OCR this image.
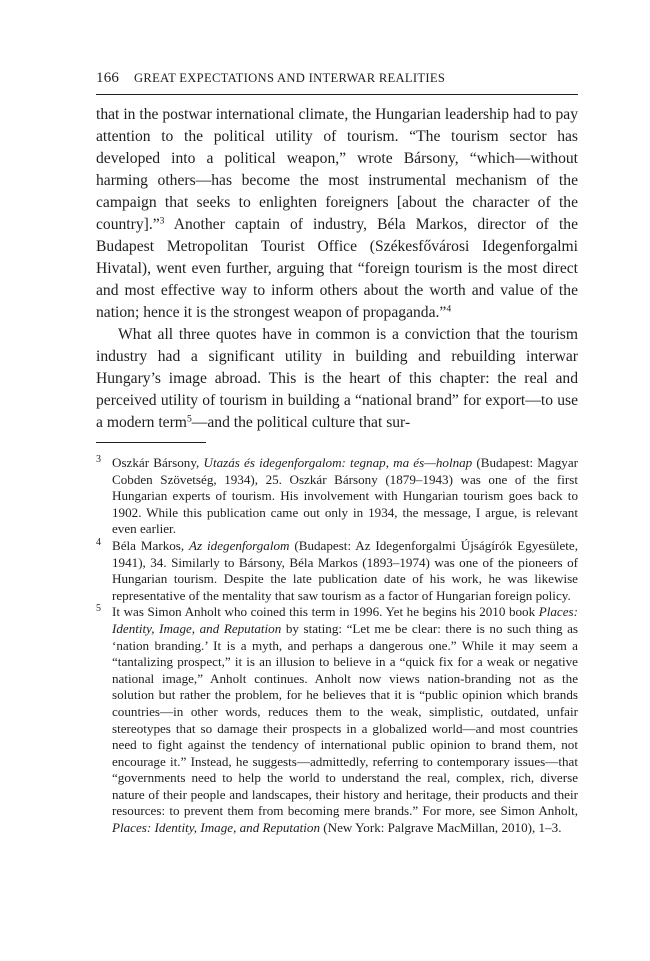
166	GREAT EXPECTATIONS AND INTERWAR REALITIES

that in the postwar international climate, the Hungarian leadership had to pay attention to the political utility of tourism. “The tourism sector has developed into a political weapon,” wrote Bársony, “which—without harming others—has become the most instrumental mechanism of the campaign that seeks to enlighten foreigners [about the character of the country].”$^3$ Another captain of industry, Béla Markos, director of the Budapest Metropolitan Tourist Office (Székesfővárosi Idegenforgalmi Hivatal), went even further, arguing that “foreign tourism is the most direct and most effective way to inform others about the worth and value of the nation; hence it is the strongest weapon of propaganda.”$^4$

What all three quotes have in common is a conviction that the tourism industry had a significant utility in building and rebuilding interwar Hungary’s image abroad. This is the heart of this chapter: the real and perceived utility of tourism in building a “national brand” for export—to use a modern term$^5$—and the political culture that sur-

3 Oszkár Bársony, Utazás és idegenforgalom: tegnap, ma és—holnap (Budapest: Magyar Cobden Szövetség, 1934), 25. Oszkár Bársony (1879–1943) was one of the first Hungarian experts of tourism. His involvement with Hungarian tourism goes back to 1902. While this publication came out only in 1934, the message, I argue, is relevant even earlier.
4 Béla Markos, Az idegenforgalom (Budapest: Az Idegenforgalmi Újságírók Egyesülete, 1941), 34. Similarly to Bársony, Béla Markos (1893–1974) was one of the pioneers of Hungarian tourism. Despite the late publication date of his work, he was likewise representative of the mentality that saw tourism as a factor of Hungarian foreign policy.
5 It was Simon Anholt who coined this term in 1996. Yet he begins his 2010 book Places: Identity, Image, and Reputation by stating: “Let me be clear: there is no such thing as ‘nation branding.’ It is a myth, and perhaps a dangerous one.” While it may seem a “tantalizing prospect,” it is an illusion to believe in a “quick fix for a weak or negative national image,” Anholt continues. Anholt now views nation-branding not as the solution but rather the problem, for he believes that it is “public opinion which brands countries—in other words, reduces them to the weak, simplistic, outdated, unfair stereotypes that so damage their prospects in a globalized world—and most countries need to fight against the tendency of international public opinion to brand them, not encourage it.” Instead, he suggests—admittedly, referring to contemporary issues—that “governments need to help the world to understand the real, complex, rich, diverse nature of their people and landscapes, their history and heritage, their products and their resources: to prevent them from becoming mere brands.” For more, see Simon Anholt, Places: Identity, Image, and Reputation (New York: Palgrave MacMillan, 2010), 1–3.
